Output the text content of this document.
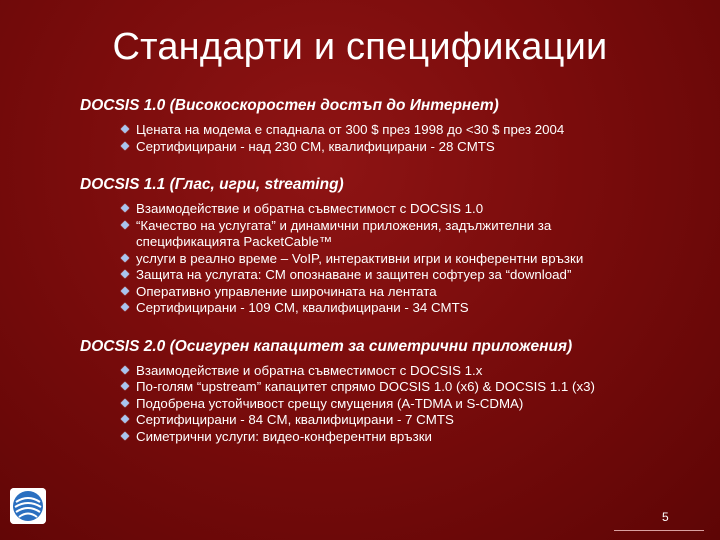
Стандарти и спецификации
DOCSIS 1.0 (Високоскоростен достъп до Интернет)
Цената на модема е спаднала от 300 $ през 1998 до <30 $ през 2004
Сертифицирани - над 230 CM, квалифицирани - 28 CMTS
DOCSIS 1.1 (Глас, игри, streaming)
Взаимодействие и обратна съвместимост с DOCSIS 1.0
“Качество на услугата” и динамични приложения, задължителни за спецификацията PacketCable™
услуги в реално време – VoIP, интерактивни игри и конферентни връзки
Защита на услугата: CM опознаване и защитен софтуер за “download”
Оперативно управление широчината на лентата
Сертифицирани - 109 CM, квалифицирани - 34 CMTS
DOCSIS 2.0 (Осигурен капацитет за симетрични приложения)
Взаимодействие и обратна съвместимост с DOCSIS 1.x
По-голям “upstream” капацитет спрямо DOCSIS 1.0 (x6) & DOCSIS 1.1 (x3)
Подобрена устойчивост срещу смущения (A-TDMA и S-CDMA)
Сертифицирани - 84 CM, квалифицирани - 7 CMTS
Симетрични услуги: видео-конферентни връзки
5
